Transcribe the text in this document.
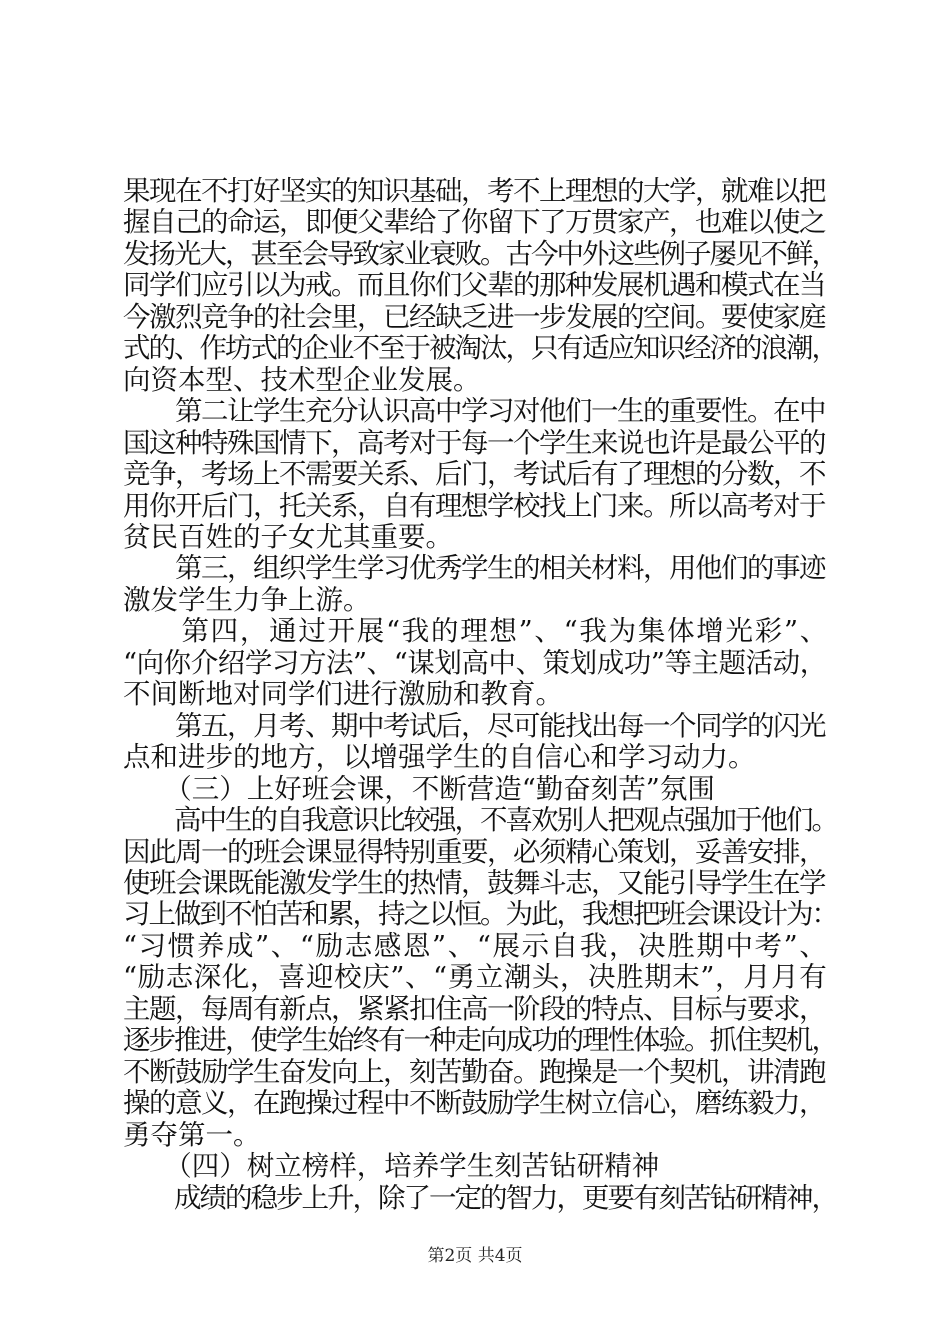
果现在不打好坚实的知识基础，考不上理想的大学，就难以把
握自己的命运，即便父辈给了你留下了万贯家产，也难以使之
发扬光大，甚至会导致家业衰败。古今中外这些例子屡见不鲜，
同学们应引以为戒。而且你们父辈的那种发展机遇和模式在当
今激烈竞争的社会里，已经缺乏进一步发展的空间。要使家庭
式的、作坊式的企业不至于被淘汰，只有适应知识经济的浪潮，
向资本型、技术型企业发展。
　　第二让学生充分认识高中学习对他们一生的重要性。在中
国这种特殊国情下，高考对于每一个学生来说也许是最公平的
竞争，考场上不需要关系、后门，考试后有了理想的分数，不
用你开后门，托关系，自有理想学校找上门来。所以高考对于
贫民百姓的子女尤其重要。
　　第三，组织学生学习优秀学生的相关材料，用他们的事迹
激发学生力争上游。
　　第四，通过开展“我的理想”、“我为集体增光彩”、
“向你介绍学习方法”、“谋划高中、策划成功”等主题活动，
不间断地对同学们进行激励和教育。
　　第五，月考、期中考试后，尽可能找出每一个同学的闪光
点和进步的地方，以增强学生的自信心和学习动力。
　　（三）上好班会课，不断营造“勤奋刻苦”氛围
　　高中生的自我意识比较强，不喜欢别人把观点强加于他们。
因此周一的班会课显得特别重要，必须精心策划，妥善安排，
使班会课既能激发学生的热情，鼓舞斗志，又能引导学生在学
习上做到不怕苦和累，持之以恒。为此，我想把班会课设计为：
“习惯养成”、“励志感恩”、“展示自我，决胜期中考”、
“励志深化，喜迎校庆”、“勇立潮头，决胜期末”，月月有
主题，每周有新点，紧紧扣住高一阶段的特点、目标与要求，
逐步推进，使学生始终有一种走向成功的理性体验。抓住契机，
不断鼓励学生奋发向上，刻苦勤奋。跑操是一个契机，讲清跑
操的意义，在跑操过程中不断鼓励学生树立信心，磨练毅力，
勇夺第一。
　　（四）树立榜样，培养学生刻苦钻研精神
　　成绩的稳步上升，除了一定的智力，更要有刻苦钻研精神，
第2页 共4页
